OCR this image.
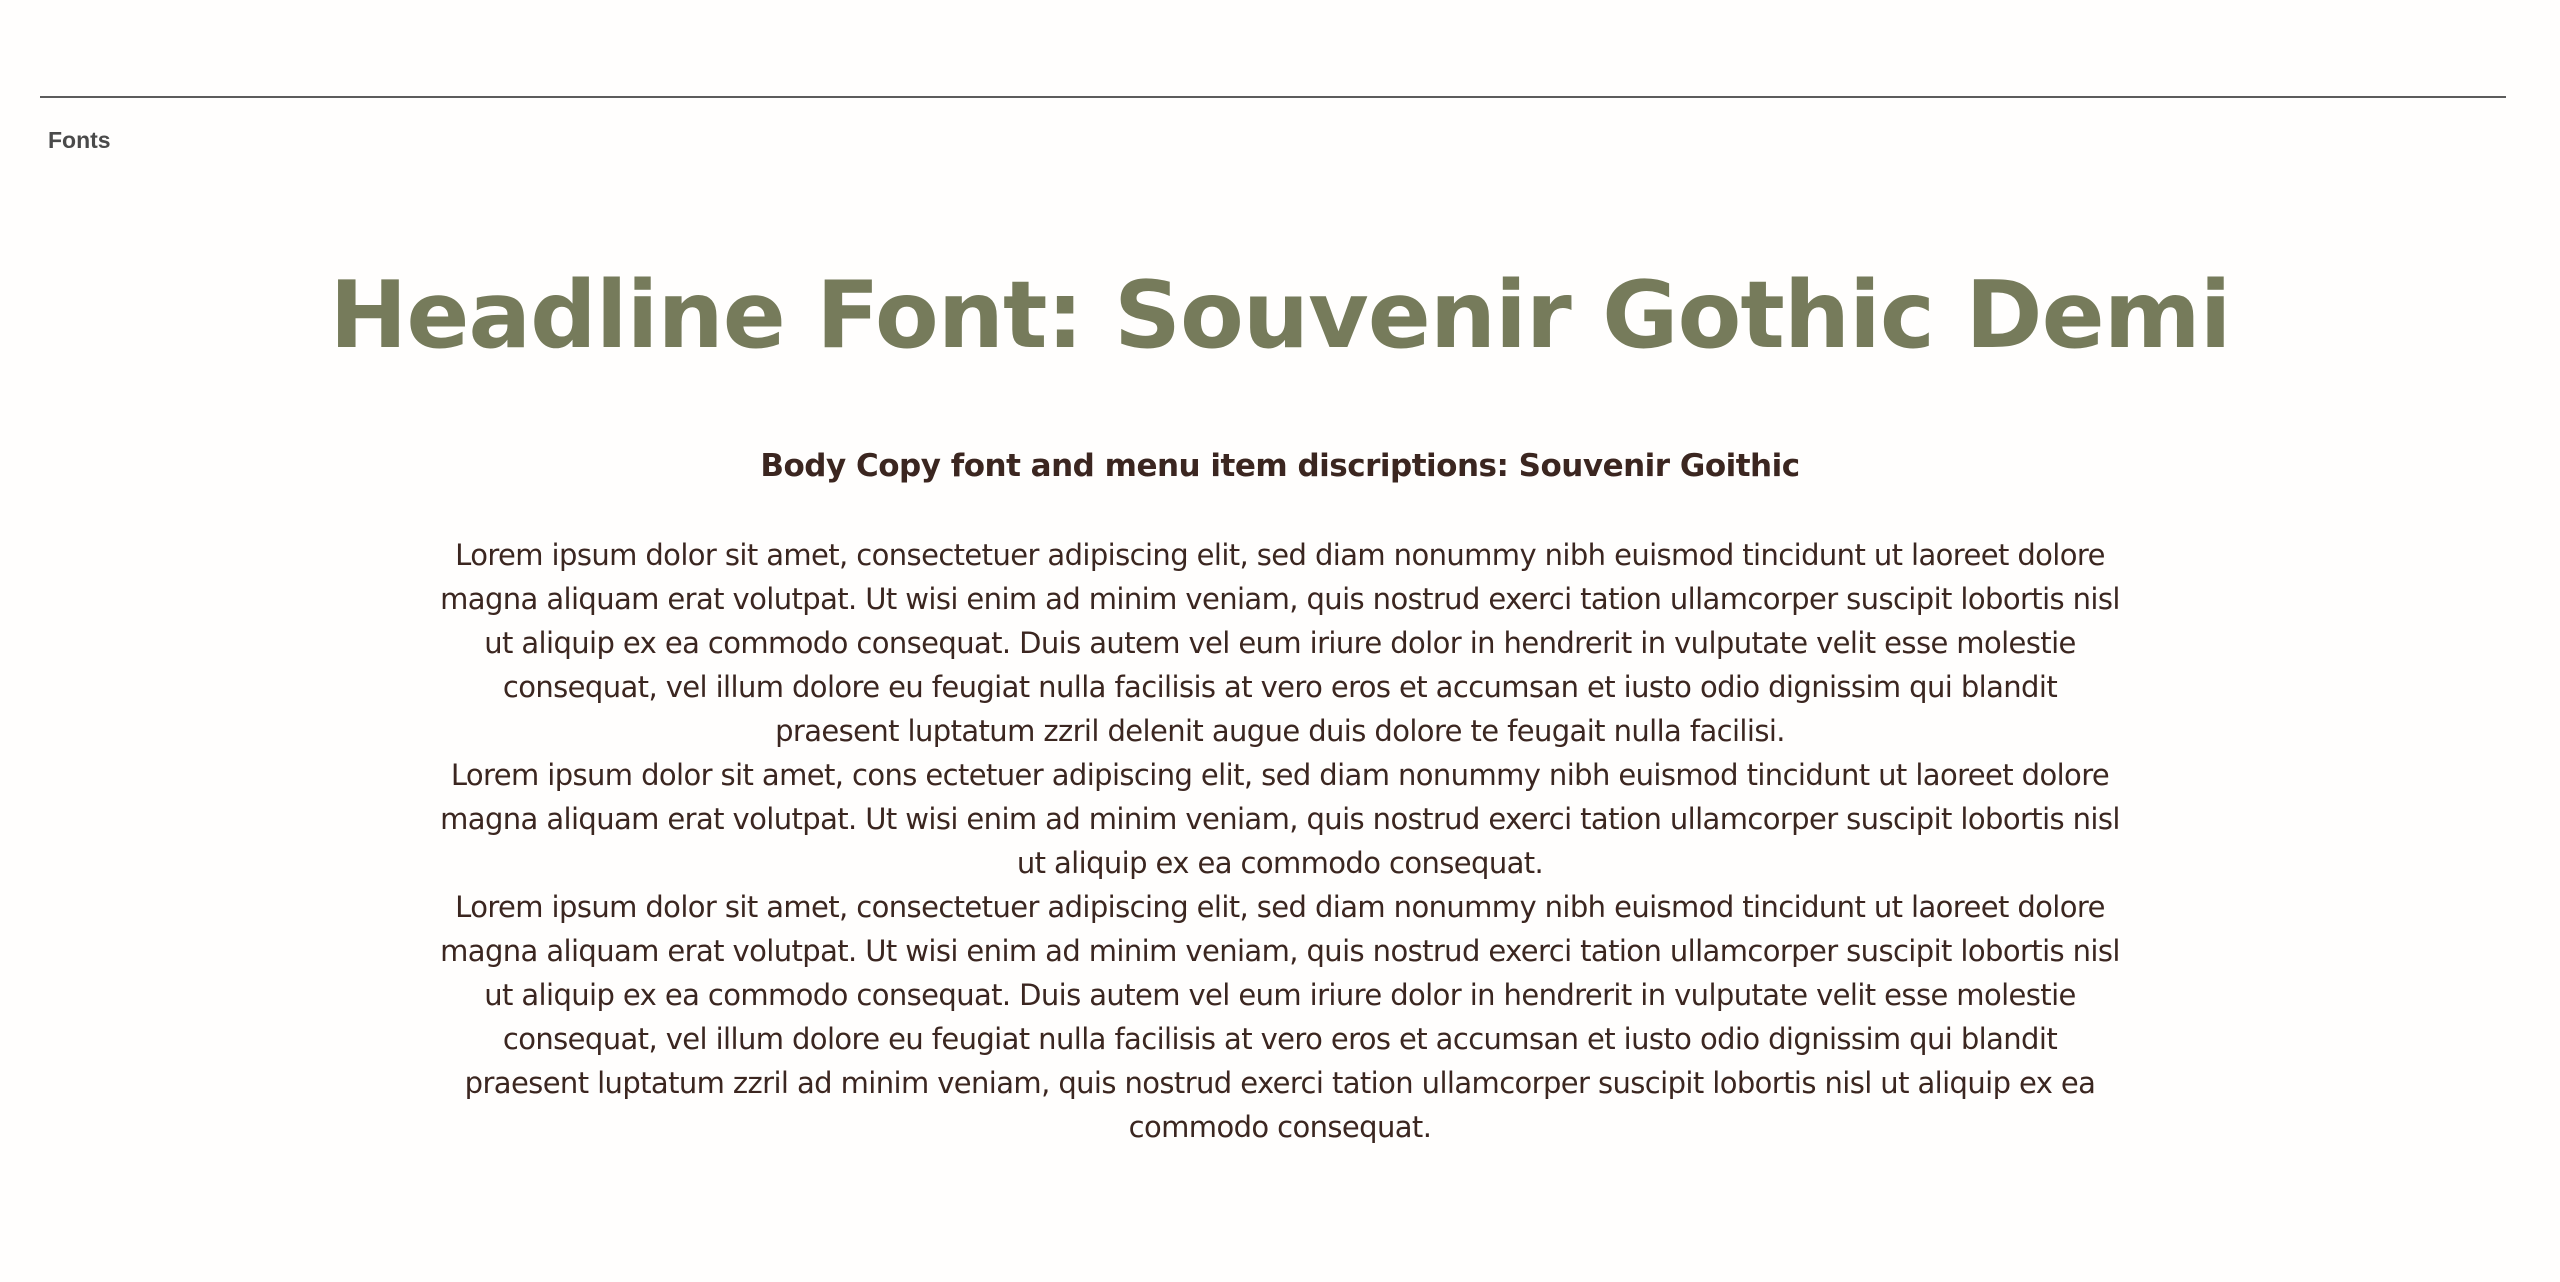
Fonts
Headline Font: Souvenir Gothic Demi
Body Copy font and menu item discriptions: Souvenir Goithic

Lorem ipsum dolor sit amet, consectetuer adipiscing elit, sed diam nonummy nibh euismod tincidunt ut laoreet dolore magna aliquam erat volutpat. Ut wisi enim ad minim veniam, quis nostrud exerci tation ullamcorper suscipit lobortis nisl ut aliquip ex ea commodo consequat. Duis autem vel eum iriure dolor in hendrerit in vulputate velit esse molestie consequat, vel illum dolore eu feugiat nulla facilisis at vero eros et accumsan et iusto odio dignissim qui blandit praesent luptatum zzril delenit augue duis dolore te feugait nulla facilisi.

Lorem ipsum dolor sit amet, cons ectetuer adipiscing elit, sed diam nonummy nibh euismod tincidunt ut laoreet dolore magna aliquam erat volutpat. Ut wisi enim ad minim veniam, quis nostrud exerci tation ullamcorper suscipit lobortis nisl ut aliquip ex ea commodo consequat.

Lorem ipsum dolor sit amet, consectetuer adipiscing elit, sed diam nonummy nibh euismod tincidunt ut laoreet dolore magna aliquam erat volutpat. Ut wisi enim ad minim veniam, quis nostrud exerci tation ullamcorper suscipit lobortis nisl ut aliquip ex ea commodo consequat. Duis autem vel eum iriure dolor in hendrerit in vulputate velit esse molestie consequat, vel illum dolore eu feugiat nulla facilisis at vero eros et accumsan et iusto odio dignissim qui blandit praesent luptatum zzril ad minim veniam, quis nostrud exerci tation ullamcorper suscipit lobortis nisl ut aliquip ex ea commodo consequat.
